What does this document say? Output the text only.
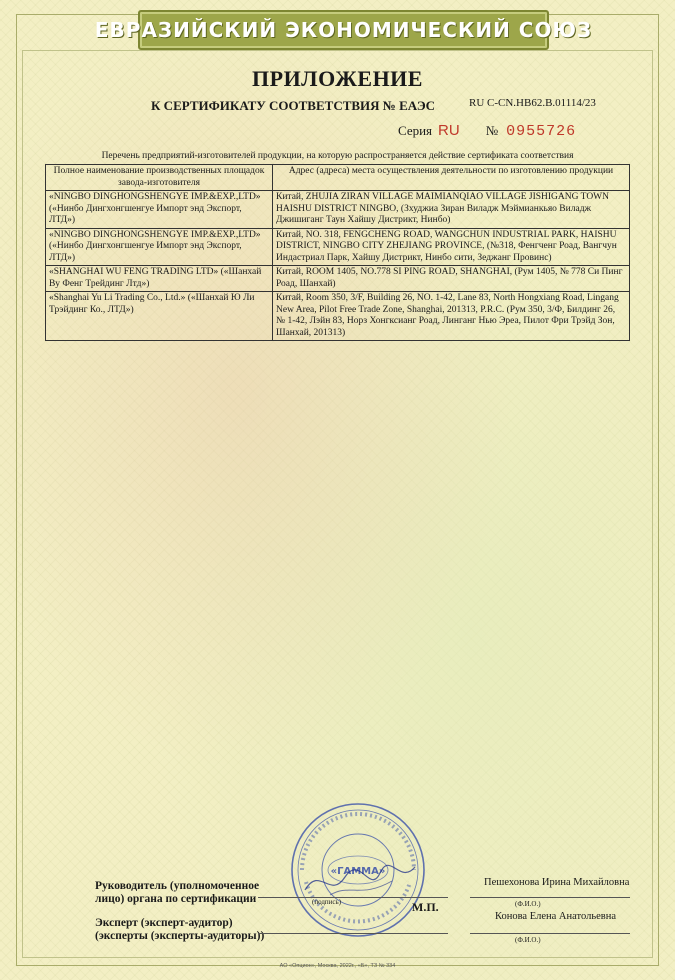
ЕВРАЗИЙСКИЙ ЭКОНОМИЧЕСКИЙ СОЮЗ
ПРИЛОЖЕНИЕ
К СЕРТИФИКАТУ СООТВЕТСТВИЯ № ЕАЭС	RU C-CN.НВ62.В.01114/23
Серия RU № 0955726
Перечень предприятий-изготовителей продукции, на которую распространяется действие сертификата соответствия
Полное наименование производственных площадок завода-изготовителя	Адрес (адреса) места осуществления деятельности по изготовлению продукции
«NINGBO DINGHONGSHENGYE IMP.&EXP.,LTD» («Нинбо Дингхонгшенгуе Импорт энд Экспорт, ЛТД»)	Китай, ZHUJIA ZIRAN VILLAGE MAIMIANQIAO VILLAGE JISHIGANG TOWN HAISHU DISTRICT NINGBO, (Зхуджиа Зиран Виладж Мэймианкьяо Виладж Джишиганг Таун Хайшу Дистрикт, Нинбо)
«NINGBO DINGHONGSHENGYE IMP.&EXP.,LTD» («Нинбо Дингхонгшенгуе Импорт энд Экспорт, ЛТД»)	Китай, NO. 318, FENGCHENG ROAD, WANGCHUN INDUSTRIAL PARK, HAISHU DISTRICT, NINGBO CITY ZHEJIANG PROVINCE, (№318, Фенгченг Роад, Вангчун Индастриал Парк, Хайшу Дистрикт, Нинбо сити, Зеджанг Провинс)
«SHANGHAI WU FENG TRADING LTD» («Шанхай Ву Фенг Трейдинг Лтд»)	Китай, ROOM 1405, NO.778 SI PING ROAD, SHANGHAI, (Рум 1405, № 778 Си Пинг Роад, Шанхай)
«Shanghai Yu Li Trading Co., Ltd.» («Шанхай Ю Ли Трэйдинг Ко., ЛТД»)	Китай, Room 350, 3/F, Building 26, NO. 1-42, Lane 83, North Hongxiang Road, Lingang New Area, Pilot Free Trade Zone, Shanghai, 201313, P.R.C. (Рум 350, 3/Ф, Билдинг 26, № 1-42, Лэйн 83, Норз Хонгксианг Роад, Линганг Нью Эреа, Пилот Фри Трэйд Зон, Шанхай, 201313)
«ГАММА»
Руководитель (уполномоченное
лицо) органа по сертификации
Эксперт (эксперт-аудитор)
(эксперты (эксперты-аудиторы))
(подпись)	М.П.
Пешехонова Ирина Михайловна
(Ф.И.О.)
Конова Елена Анатольевна
(Ф.И.О.)
АО «Опцион», Москва, 2022г., «Б», ТЗ № 334
